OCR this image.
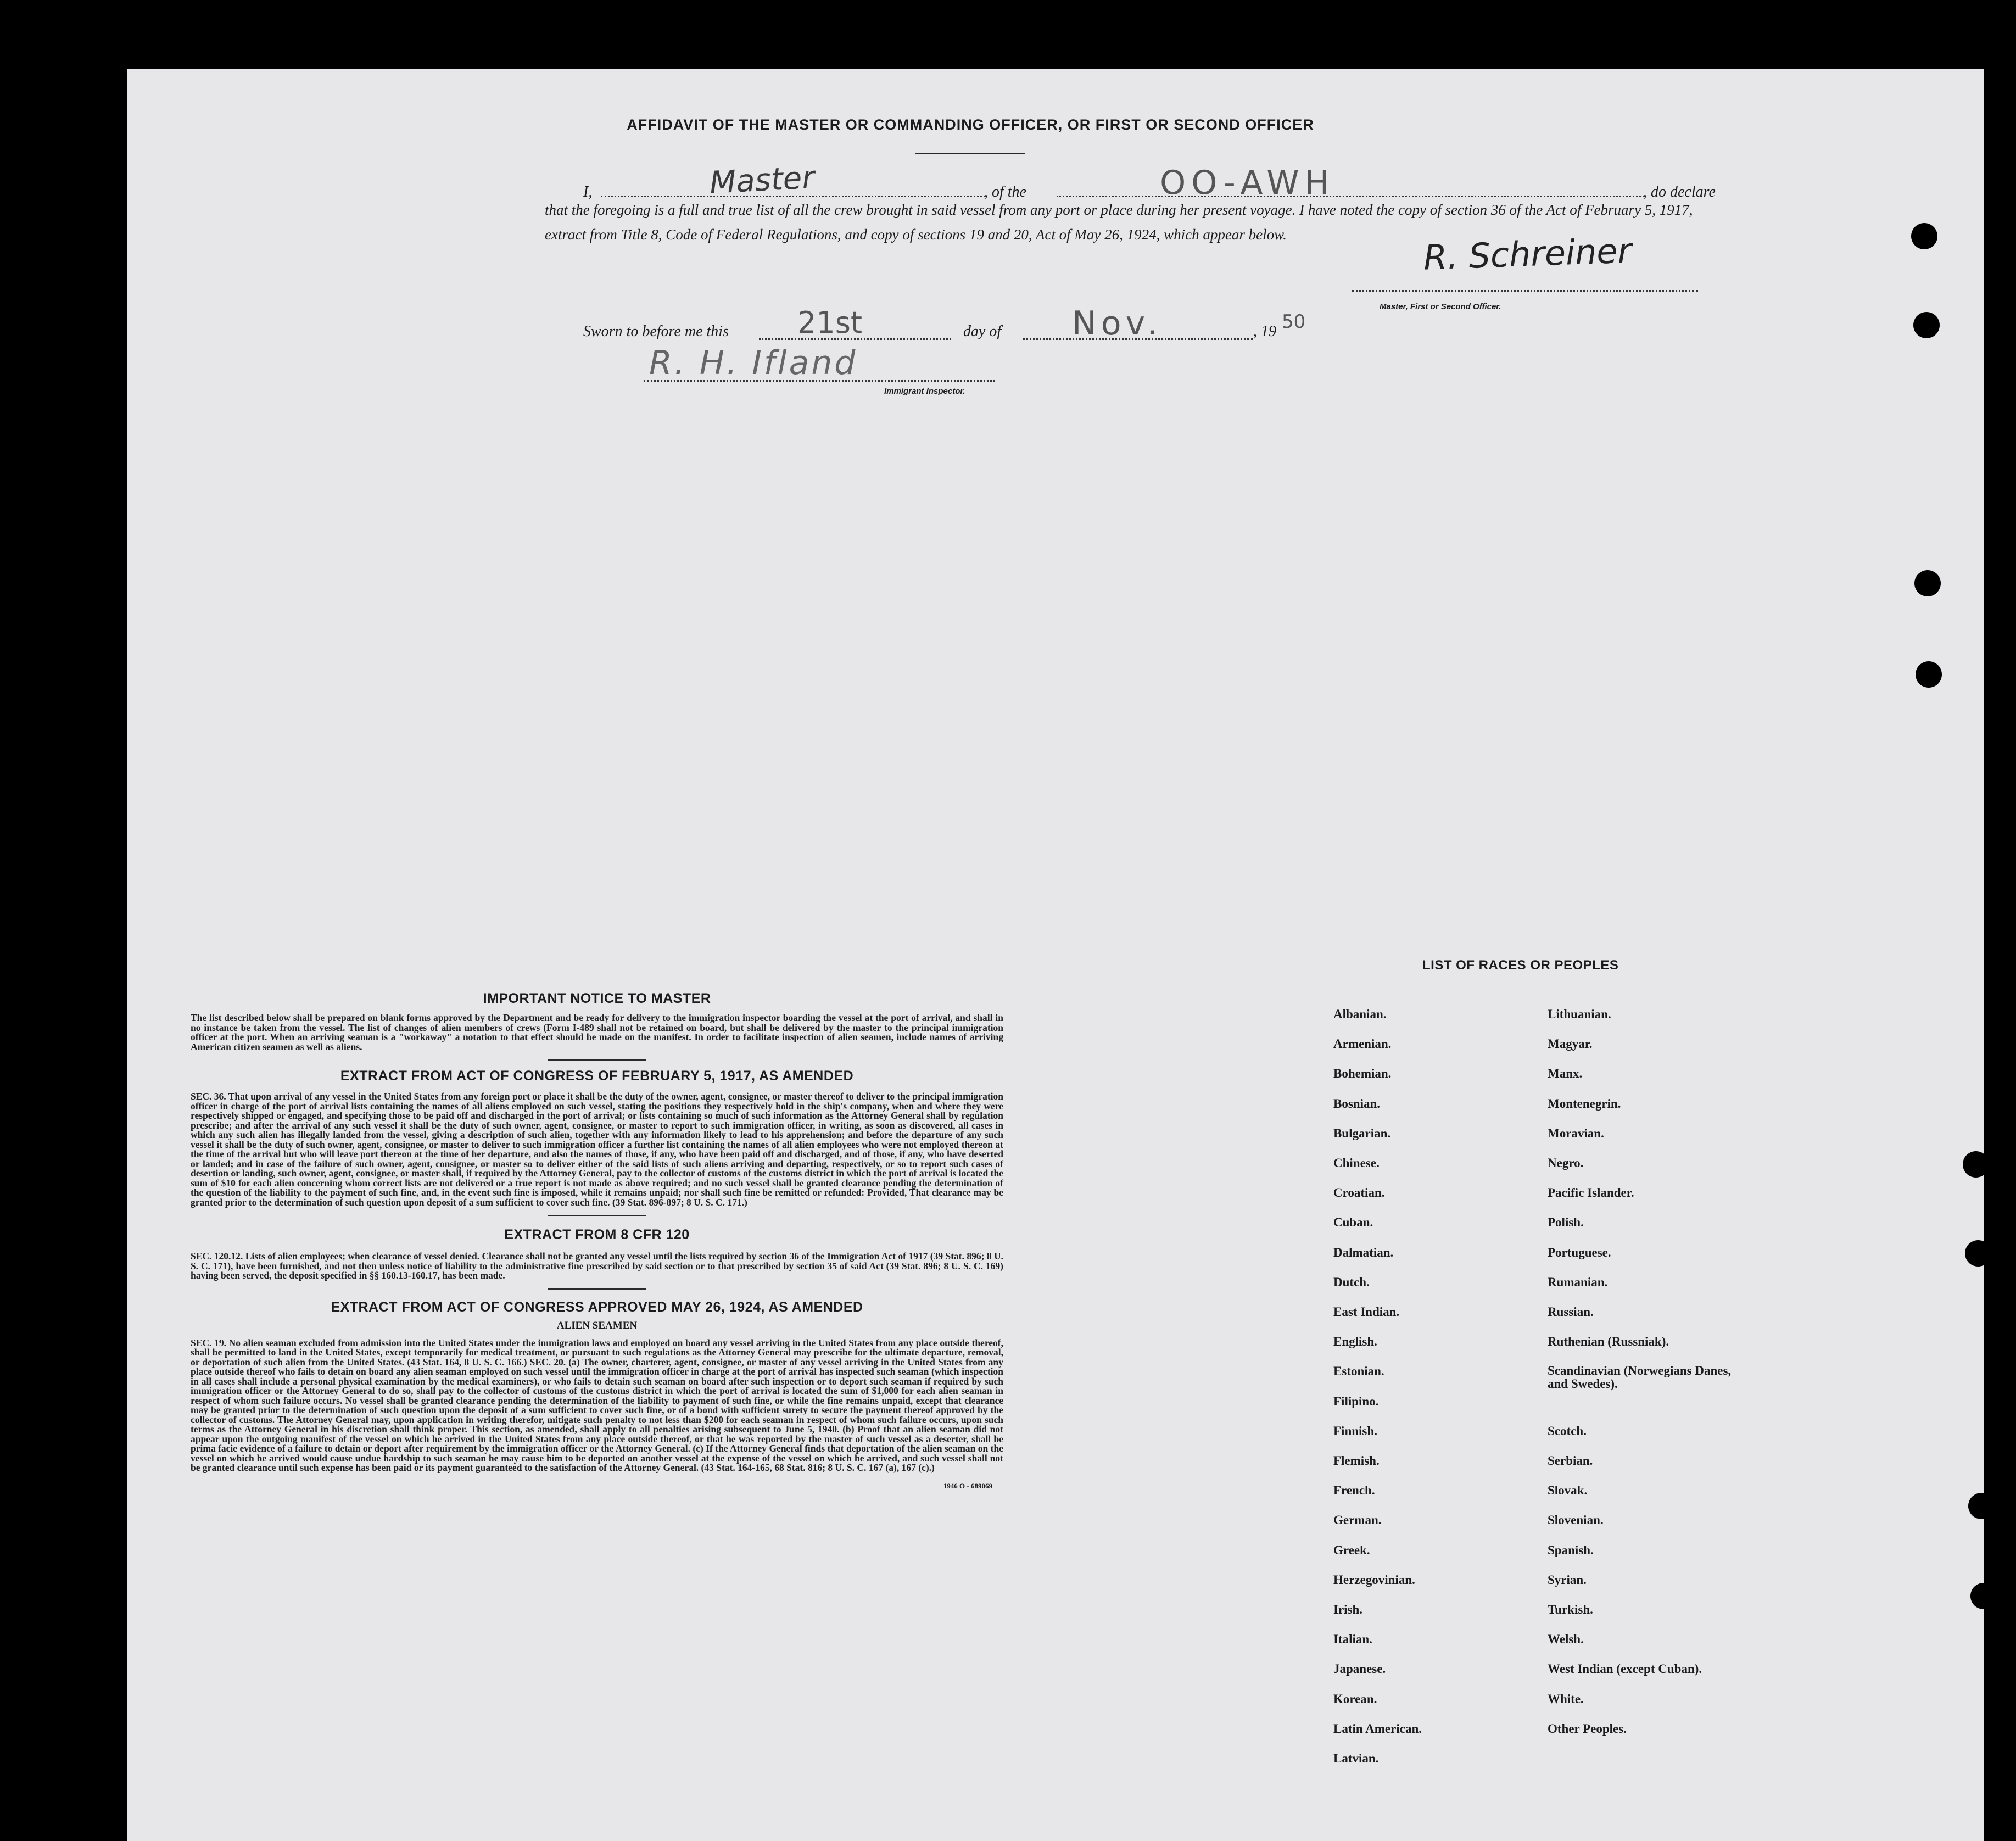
AFFIDAVIT OF THE MASTER OR COMMANDING OFFICER, OR FIRST OR SECOND OFFICER
I,	Master	, of the	OO-AWH	, do declare
that the foregoing is a full and true list of all the crew brought in said vessel from any port or place during her present voyage. I have noted the copy of section 36 of the Act of February 5, 1917, extract from Title 8, Code of Federal Regulations, and copy of sections 19 and 20, Act of May 26, 1924, which appear below.	R. Schreiner
Master, First or Second Officer.
Sworn to before me this 21st	day of Nov.	, 19 50
R. H. Ifland
Immigrant Inspector.
IMPORTANT NOTICE TO MASTER
The list described below shall be prepared on blank forms approved by the Department and be ready for delivery to the immigration inspector boarding the vessel at the port of arrival, and shall in no instance be taken from the vessel. The list of changes of alien members of crews (Form I-489 shall not be retained on board, but shall be delivered by the master to the principal immigration officer at the port. When an arriving seaman is a "workaway" a notation to that effect should be made on the manifest. In order to facilitate inspection of alien seamen, include names of arriving American citizen seamen as well as aliens.
EXTRACT FROM ACT OF CONGRESS OF FEBRUARY 5, 1917, AS AMENDED
SEC. 36. That upon arrival of any vessel in the United States from any foreign port or place it shall be the duty of the owner, agent, consignee, or master thereof to deliver to the principal immigration officer in charge of the port of arrival lists containing the names of all aliens employed on such vessel, stating the positions they respectively hold in the ship's company, when and where they were respectively shipped or engaged, and specifying those to be paid off and discharged in the port of arrival; or lists containing so much of such information as the Attorney General shall by regulation prescribe; and after the arrival of any such vessel it shall be the duty of such owner, agent, consignee, or master to report to such immigration officer, in writing, as soon as discovered, all cases in which any such alien has illegally landed from the vessel, giving a description of such alien, together with any information likely to lead to his apprehension; and before the departure of any such vessel it shall be the duty of such owner, agent, consignee, or master to deliver to such immigration officer a further list containing the names of all alien employees who were not employed thereon at the time of the arrival but who will leave port thereon at the time of her departure, and also the names of those, if any, who have been paid off and discharged, and of those, if any, who have deserted or landed; and in case of the failure of such owner, agent, consignee, or master so to deliver either of the said lists of such aliens arriving and departing, respectively, or so to report such cases of desertion or landing, such owner, agent, consignee, or master shall, if required by the Attorney General, pay to the collector of customs of the customs district in which the port of arrival is located the sum of $10 for each alien concerning whom correct lists are not delivered or a true report is not made as above required; and no such vessel shall be granted clearance pending the determination of the question of the liability to the payment of such fine, and, in the event such fine is imposed, while it remains unpaid; nor shall such fine be remitted or refunded: Provided, That clearance may be granted prior to the determination of such question upon deposit of a sum sufficient to cover such fine. (39 Stat. 896-897; 8 U. S. C. 171.)
EXTRACT FROM 8 CFR 120
SEC. 120.12. Lists of alien employees; when clearance of vessel denied. Clearance shall not be granted any vessel until the lists required by section 36 of the Immigration Act of 1917 (39 Stat. 896; 8 U. S. C. 171), have been furnished, and not then unless notice of liability to the administrative fine prescribed by said section or to that prescribed by section 35 of said Act (39 Stat. 896; 8 U. S. C. 169) having been served, the deposit specified in §§ 160.13-160.17, has been made.
EXTRACT FROM ACT OF CONGRESS APPROVED MAY 26, 1924, AS AMENDED
ALIEN SEAMEN
SEC. 19. No alien seaman excluded from admission into the United States under the immigration laws and employed on board any vessel arriving in the United States from any place outside thereof, shall be permitted to land in the United States, except temporarily for medical treatment, or pursuant to such regulations as the Attorney General may prescribe for the ultimate departure, removal, or deportation of such alien from the United States. (43 Stat. 164, 8 U. S. C. 166.) SEC. 20. (a) The owner, charterer, agent, consignee, or master of any vessel arriving in the United States from any place outside thereof who fails to detain on board any alien seaman employed on such vessel until the immigration officer in charge at the port of arrival has inspected such seaman (which inspection in all cases shall include a personal physical examination by the medical examiners), or who fails to detain such seaman on board after such inspection or to deport such seaman if required by such immigration officer or the Attorney General to do so, shall pay to the collector of customs of the customs district in which the port of arrival is located the sum of $1,000 for each alien seaman in respect of whom such failure occurs. No vessel shall be granted clearance pending the determination of the liability to payment of such fine, or while the fine remains unpaid, except that clearance may be granted prior to the determination of such question upon the deposit of a sum sufficient to cover such fine, or of a bond with sufficient surety to secure the payment thereof approved by the collector of customs. The Attorney General may, upon application in writing therefor, mitigate such penalty to not less than $200 for each seaman in respect of whom such failure occurs, upon such terms as the Attorney General in his discretion shall think proper. This section, as amended, shall apply to all penalties arising subsequent to June 5, 1940. (b) Proof that an alien seaman did not appear upon the outgoing manifest of the vessel on which he arrived in the United States from any place outside thereof, or that he was reported by the master of such vessel as a deserter, shall be prima facie evidence of a failure to detain or deport after requirement by the immigration officer or the Attorney General. (c) If the Attorney General finds that deportation of the alien seaman on the vessel on which he arrived would cause undue hardship to such seaman he may cause him to be deported on another vessel at the expense of the vessel on which he arrived, and such vessel shall not be granted clearance until such expense has been paid or its payment guaranteed to the satisfaction of the Attorney General. (43 Stat. 164-165, 68 Stat. 816; 8 U. S. C. 167 (a), 167 (c).)
1946 O - 689069
LIST OF RACES OR PEOPLES
Albanian.
Armenian.
Bohemian.
Bosnian.
Bulgarian.
Chinese.
Croatian.
Cuban.
Dalmatian.
Dutch.
East Indian.
English.
Estonian.
Filipino.
Finnish.
Flemish.
French.
German.
Greek.
Herzegovinian.
Irish.
Italian.
Japanese.
Korean.
Latin American.
Latvian.
Lithuanian.
Magyar.
Manx.
Montenegrin.
Moravian.
Negro.
Pacific Islander.
Polish.
Portuguese.
Rumanian.
Russian.
Ruthenian (Russniak).
Scandinavian (Norwegians Danes, and Swedes).
Scotch.
Serbian.
Slovak.
Slovenian.
Spanish.
Syrian.
Turkish.
Welsh.
West Indian (except Cuban).
White.
Other Peoples.
